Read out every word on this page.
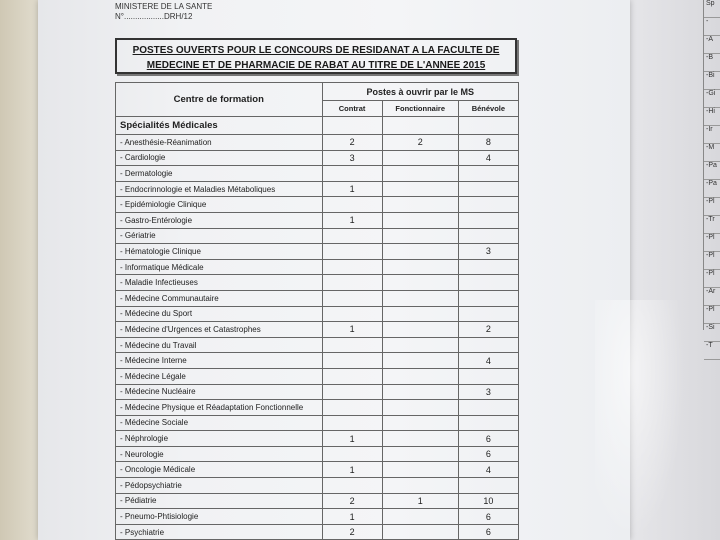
Sp
-
-A
-B
-Bi
-Gi
-Hi
-Ir
-M
-Pa
-Pa
-Pl
-Tr
-Pl
-Pl
-Pl
-Ar
-Pl
-Si
-T
MINISTERE DE LA SANTE
N°..................DRH/12
POSTES OUVERTS POUR LE CONCOURS DE RESIDANAT A LA FACULTE DE
MEDECINE ET DE PHARMACIE DE RABAT AU TITRE DE L'ANNEE 2015
Centre de formation	Postes à ouvrir par le MS		
	Contrat	Fonctionnaire	Bénévole
Spécialités Médicales			
- Anesthésie-Réanimation	2	2	8
- Cardiologie	3		4
- Dermatologie			
- Endocrinnologie et Maladies Métaboliques	1		
- Epidémiologie Clinique			
- Gastro-Entérologie	1		
- Gériatrie			
- Hématologie Clinique			3
- Informatique Médicale			
- Maladie Infectieuses			
- Médecine Communautaire			
- Médecine du Sport			
- Médecine d'Urgences et Catastrophes	1		2
- Médecine du Travail			
- Médecine Interne			4
- Médecine Légale			
- Médecine Nucléaire			3
- Médecine Physique et Réadaptation Fonctionnelle			
- Médecine Sociale			
- Néphrologie	1		6
- Neurologie			6
- Oncologie Médicale	1		4
- Pédopsychiatrie			
- Pédiatrie	2	1	10
- Pneumo-Phtisiologie	1		6
- Psychiatrie	2		6
